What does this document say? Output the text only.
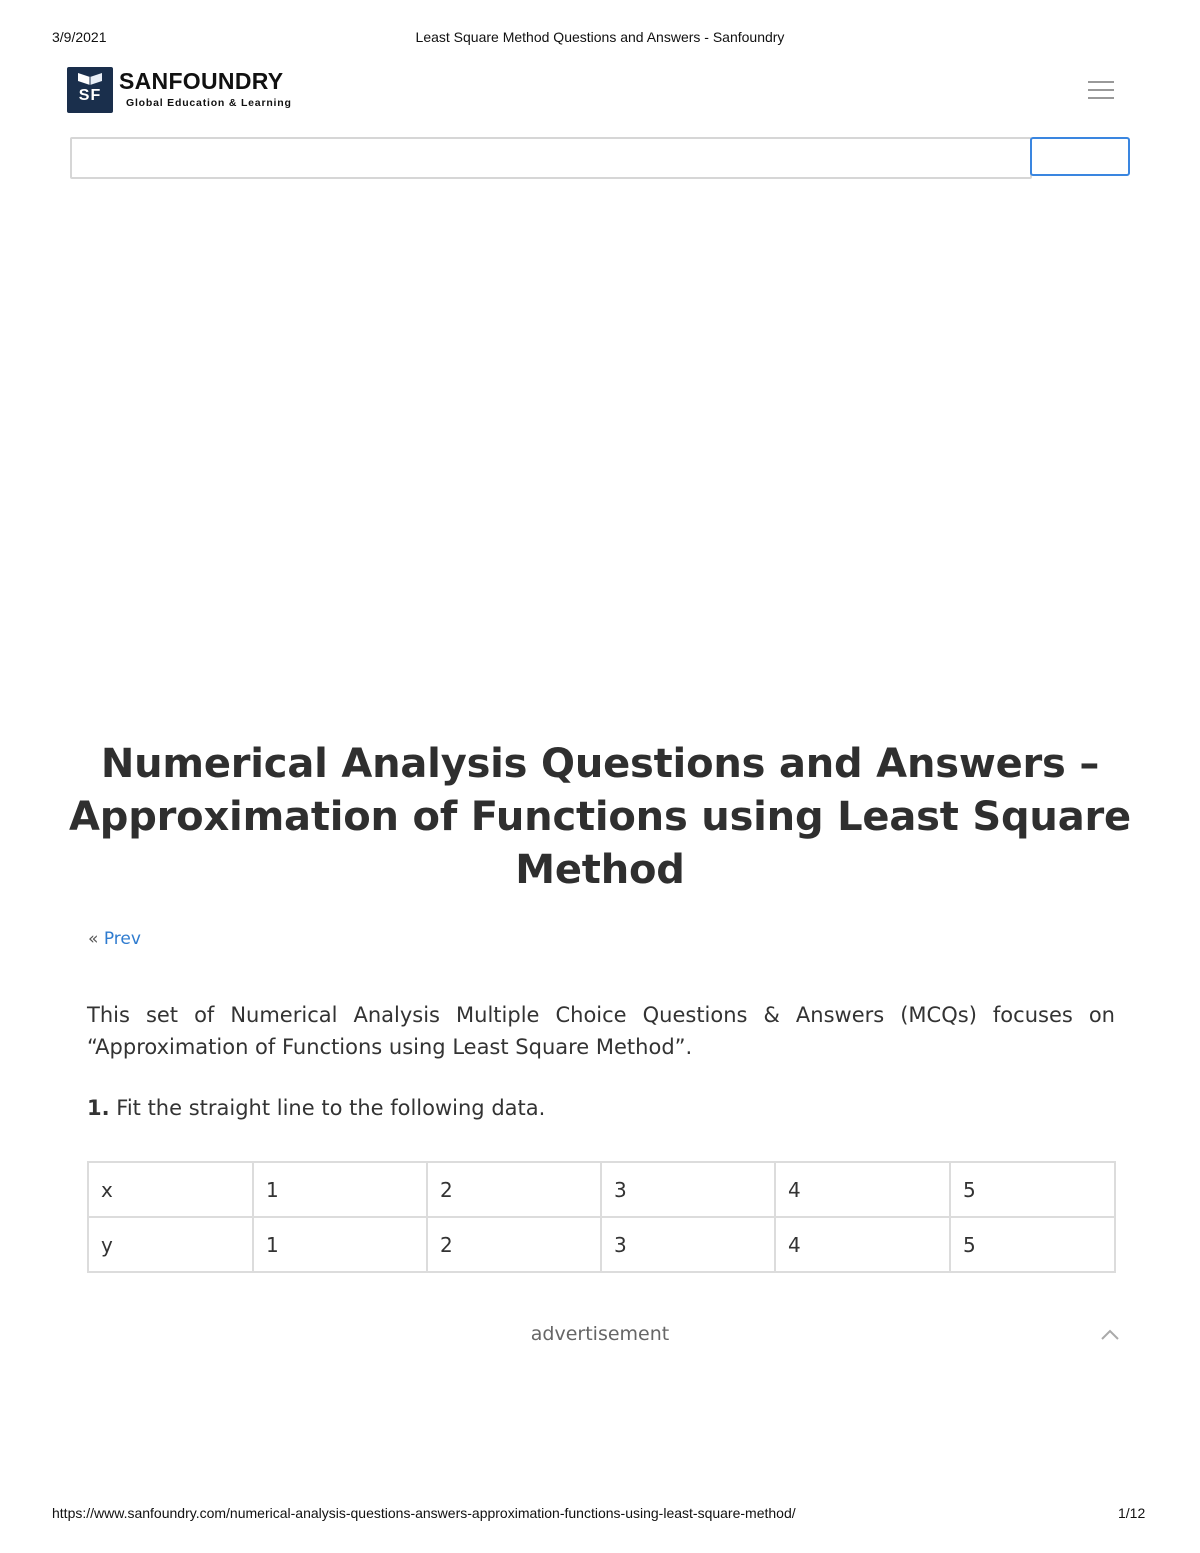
3/9/2021	Least Square Method Questions and Answers - Sanfoundry
SF
SANFOUNDRY
Global Education & Learning
Numerical Analysis Questions and Answers – Approximation of Functions using Least Square Method
« Prev

This set of Numerical Analysis Multiple Choice Questions & Answers (MCQs) focuses on “Approximation of Functions using Least Square Method”.

1. Fit the straight line to the following data.

x	1	2	3	4	5
y	1	2	3	4	5
advertisement
https://www.sanfoundry.com/numerical-analysis-questions-answers-approximation-functions-using-least-square-method/	1/12
